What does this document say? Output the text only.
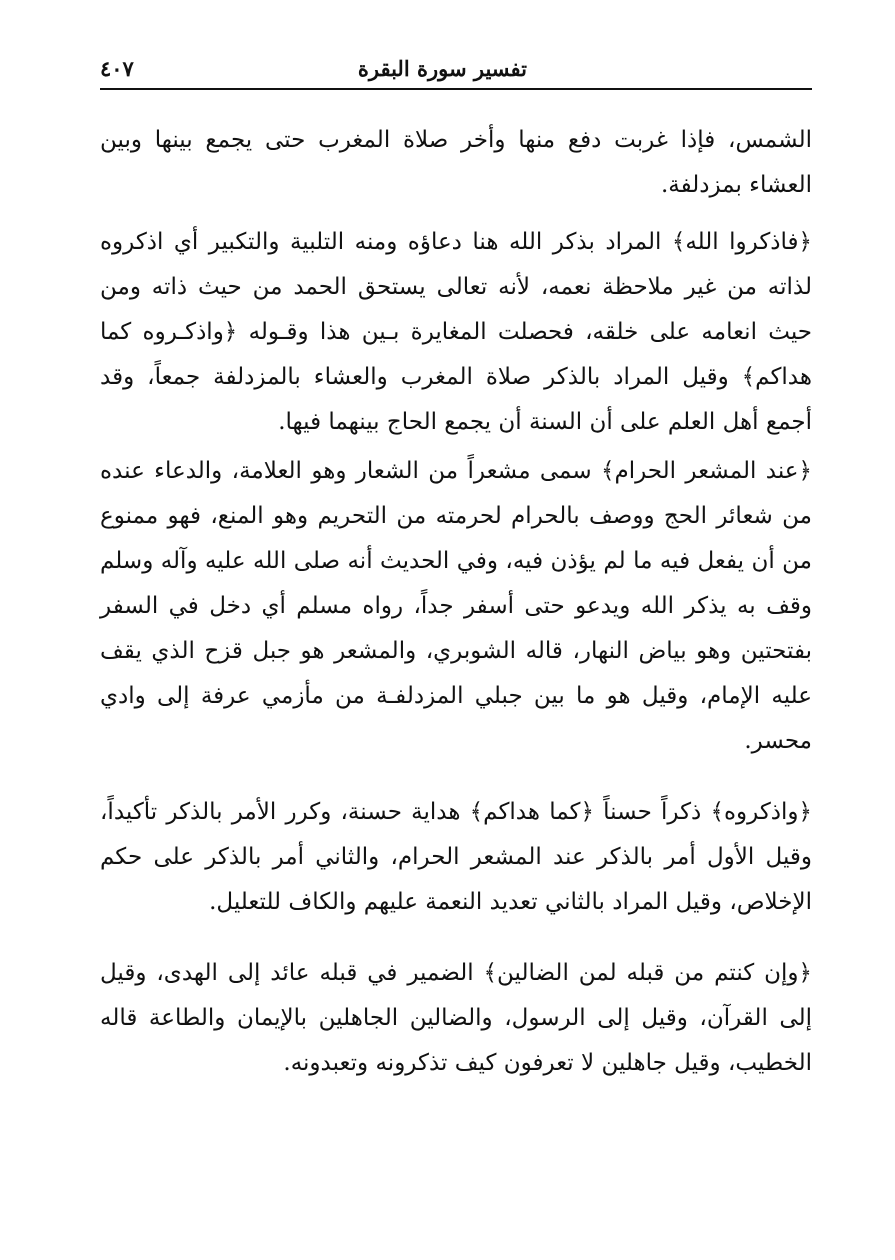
تفسير سورة البقرة
٤٠٧

الشمس، فإذا غربت دفع منها وأخر صلاة المغرب حتى يجمع بينها وبين العشاء بمزدلفة.

﴿فاذكروا الله﴾ المراد بذكر الله هنا دعاؤه ومنه التلبية والتكبير أي اذكروه لذاته من غير ملاحظة نعمه، لأنه تعالى يستحق الحمد من حيث ذاته ومن حيث انعامه على خلقه، فحصلت المغايرة بـين هذا وقـوله ﴿واذكـروه كما هداكم﴾ وقيل المراد بالذكر صلاة المغرب والعشاء بالمزدلفة جمعاً، وقد أجمع أهل العلم على أن السنة أن يجمع الحاج بينهما فيها.

﴿عند المشعر الحرام﴾ سمى مشعراً من الشعار وهو العلامة، والدعاء عنده من شعائر الحج ووصف بالحرام لحرمته من التحريم وهو المنع، فهو ممنوع من أن يفعل فيه ما لم يؤذن فيه، وفي الحديث أنه صلى الله عليه وآله وسلم وقف به يذكر الله ويدعو حتى أسفر جداً، رواه مسلم أي دخل في السفر بفتحتين وهو بياض النهار، قاله الشوبري، والمشعر هو جبل قزح الذي يقف عليه الإمام، وقيل هو ما بين جبلي المزدلفـة من مأزمي عرفة إلى وادي محسر.

﴿واذكروه﴾ ذكراً حسناً ﴿كما هداكم﴾ هداية حسنة، وكرر الأمر بالذكر تأكيداً، وقيل الأول أمر بالذكر عند المشعر الحرام، والثاني أمر بالذكر على حكم الإخلاص، وقيل المراد بالثاني تعديد النعمة عليهم والكاف للتعليل.

﴿وإن كنتم من قبله لمن الضالين﴾ الضمير في قبله عائد إلى الهدى، وقيل إلى القرآن، وقيل إلى الرسول، والضالين الجاهلين بالإيمان والطاعة قاله الخطيب، وقيل جاهلين لا تعرفون كيف تذكرونه وتعبدونه.
